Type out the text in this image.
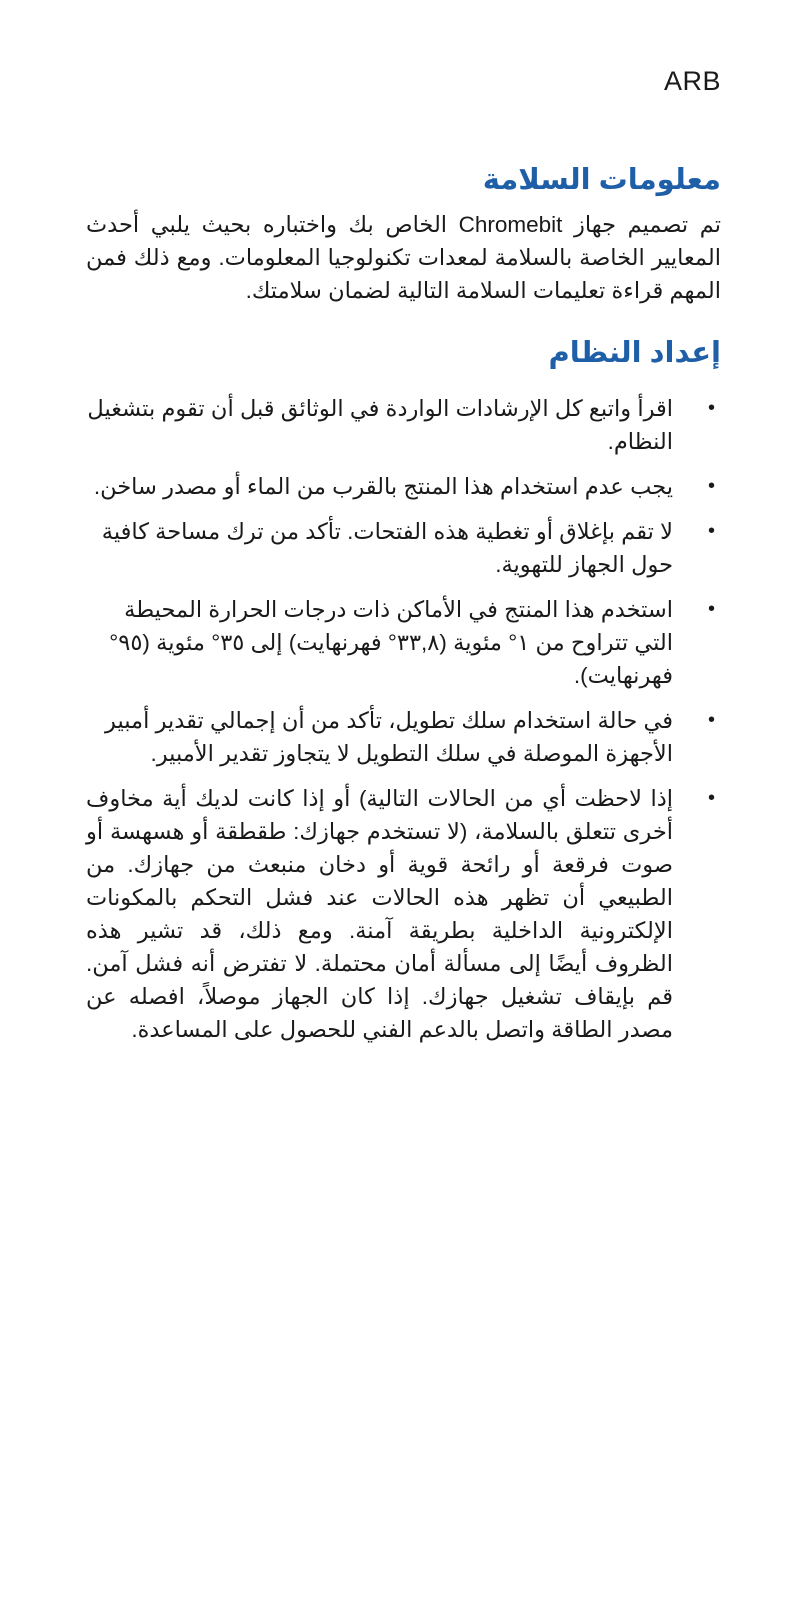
ARB
معلومات السلامة

تم تصميم جهاز Chromebit الخاص بك واختباره بحيث يلبي أحدث المعايير الخاصة بالسلامة لمعدات تكنولوجيا المعلومات. ومع ذلك فمن المهم قراءة تعليمات السلامة التالية لضمان سلامتك.

إعداد النظام
•
اقرأ واتبع كل الإرشادات الواردة في الوثائق قبل أن تقوم بتشغيل النظام.
•
يجب عدم استخدام هذا المنتج بالقرب من الماء أو مصدر ساخن.
•
لا تقم بإغلاق أو تغطية هذه الفتحات. تأكد من ترك مساحة كافية حول الجهاز للتهوية.
•
استخدم هذا المنتج في الأماكن ذات درجات الحرارة المحيطة التي تتراوح من ١° مئوية (٣٣,٨° فهرنهايت) إلى ٣٥° مئوية (٩٥° فهرنهايت).
•
في حالة استخدام سلك تطويل، تأكد من أن إجمالي تقدير أمبير الأجهزة الموصلة في سلك التطويل لا يتجاوز تقدير الأمبير.
•
إذا لاحظت أي من الحالات التالية) أو إذا كانت لديك أية مخاوف أخرى تتعلق بالسلامة، (لا تستخدم جهازك: طقطقة أو هسهسة أو صوت فرقعة أو رائحة قوية أو دخان منبعث من جهازك. من الطبيعي أن تظهر هذه الحالات عند فشل التحكم بالمكونات الإلكترونية الداخلية بطريقة آمنة. ومع ذلك، قد تشير هذه الظروف أيضًا إلى مسألة أمان محتملة. لا تفترض أنه فشل آمن. قم بإيقاف تشغيل جهازك. إذا كان الجهاز موصلاً، افصله عن مصدر الطاقة واتصل بالدعم الفني للحصول على المساعدة.
